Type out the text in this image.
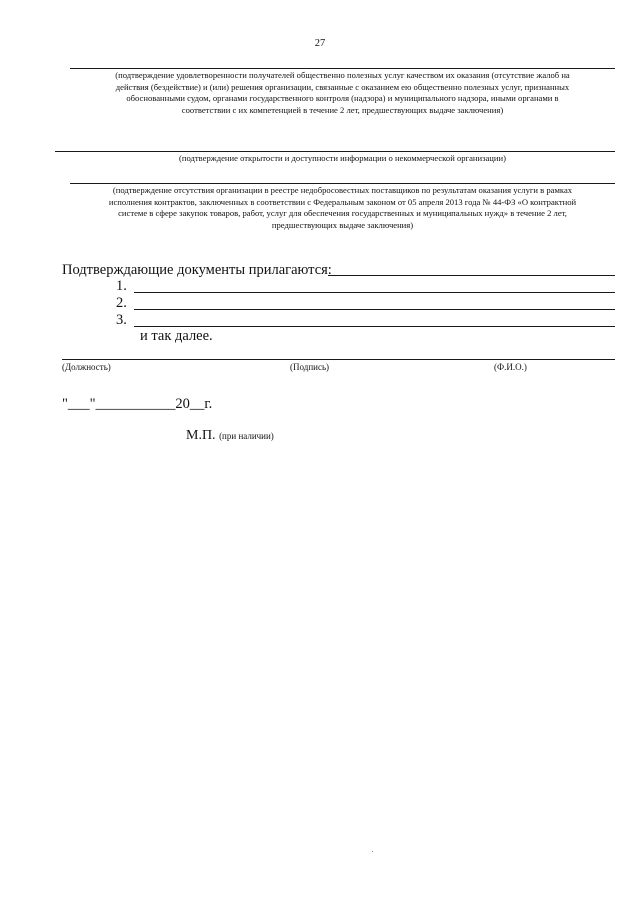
27
(подтверждение удовлетворенности получателей общественно полезных услуг качеством их оказания (отсутствие жалоб на
действия (бездействие) и (или) решения организации, связанные с оказанием ею общественно полезных услуг, признанных
обоснованными судом, органами государственного контроля (надзора) и муниципального надзора, иными органами в
соответствии с их компетенцией в течение 2 лет, предшествующих выдаче заключения)
(подтверждение открытости и доступности информации о некоммерческой организации)
(подтверждение отсутствия организации в реестре недобросовестных поставщиков по результатам оказания услуги в рамках
исполнения контрактов, заключенных в соответствии с Федеральным законом от 05 апреля 2013 года № 44-ФЗ «О контрактной
системе в сфере закупок товаров, работ, услуг для обеспечения государственных и муниципальных нужд» в течение 2 лет,
предшествующих выдаче заключения)
Подтверждающие документы прилагаются:
1.
2.
3.
и так далее.
(Должность)	(Подпись)	(Ф.И.О.)
"___"___________20__г.
М.П. (при наличии)
